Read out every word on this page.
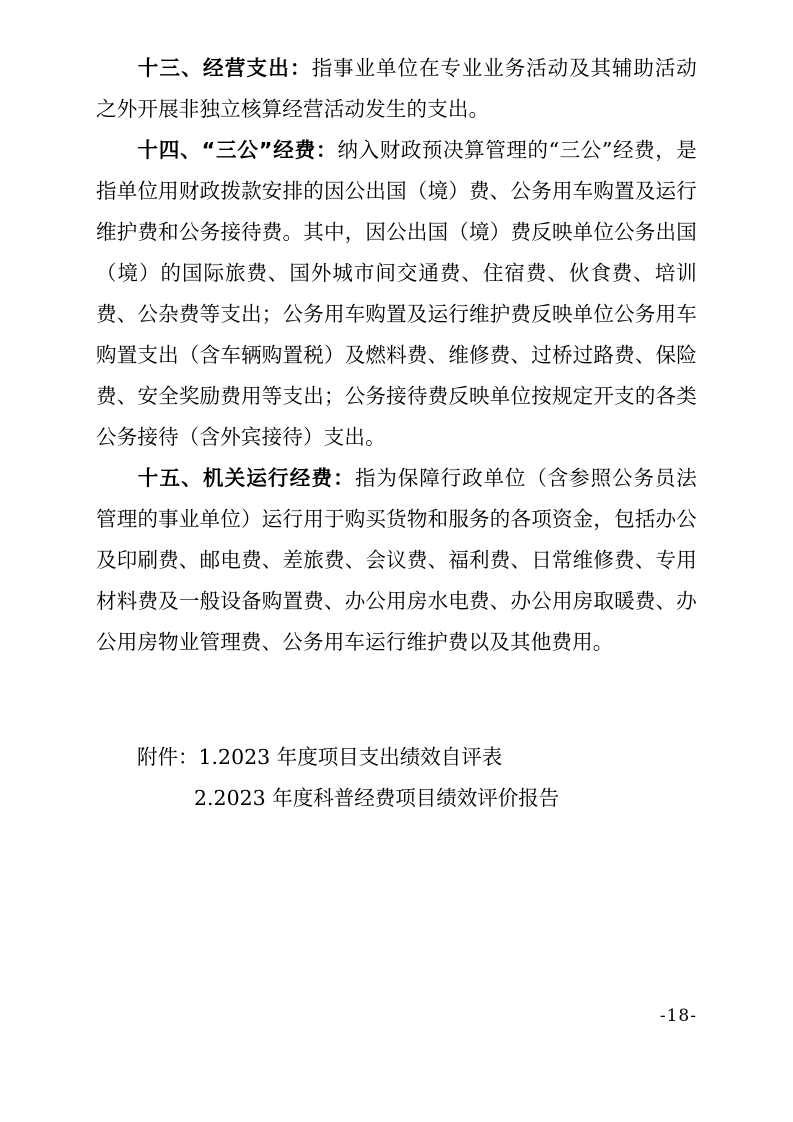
十三、经营支出：指事业单位在专业业务活动及其辅助活动之外开展非独立核算经营活动发生的支出。

十四、“三公”经费：纳入财政预决算管理的“三公”经费，是指单位用财政拨款安排的因公出国（境）费、公务用车购置及运行维护费和公务接待费。其中，因公出国（境）费反映单位公务出国（境）的国际旅费、国外城市间交通费、住宿费、伙食费、培训费、公杂费等支出；公务用车购置及运行维护费反映单位公务用车购置支出（含车辆购置税）及燃料费、维修费、过桥过路费、保险费、安全奖励费用等支出；公务接待费反映单位按规定开支的各类公务接待（含外宾接待）支出。

十五、机关运行经费：指为保障行政单位（含参照公务员法管理的事业单位）运行用于购买货物和服务的各项资金，包括办公及印刷费、邮电费、差旅费、会议费、福利费、日常维修费、专用材料费及一般设备购置费、办公用房水电费、办公用房取暖费、办公用房物业管理费、公务用车运行维护费以及其他费用。

附件：1.2023 年度项目支出绩效自评表
2.2023 年度科普经费项目绩效评价报告
-18-
